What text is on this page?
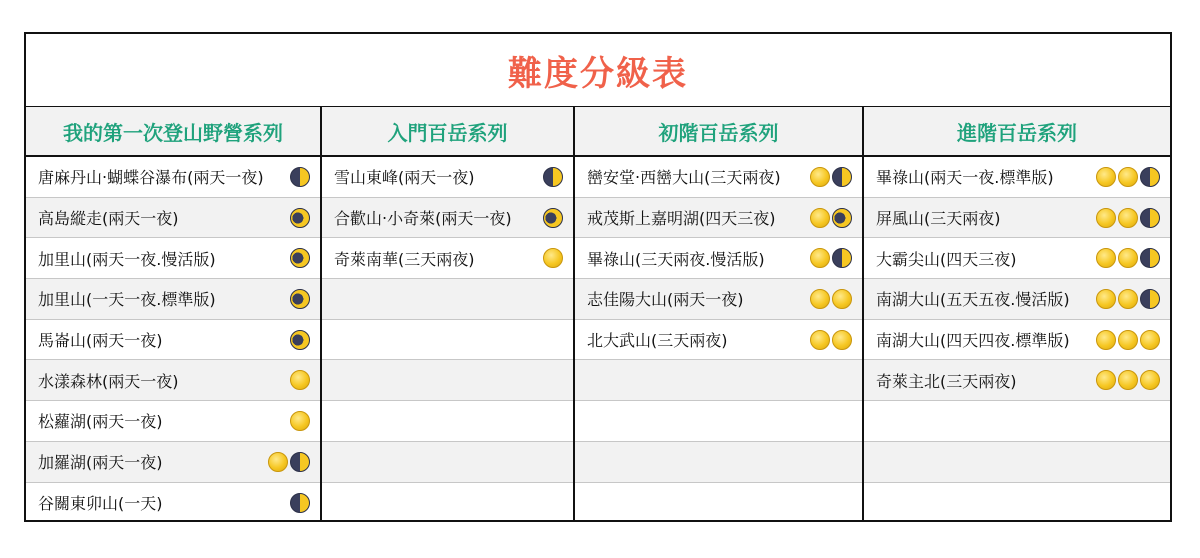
難度分級表
我的第一次登山野營系列
唐麻丹山‧蝴蝶谷瀑布(兩天一夜)
高島縱走(兩天一夜)
加里山(兩天一夜.慢活版)
加里山(一天一夜.標準版)
馬崙山(兩天一夜)
水漾森林(兩天一夜)
松蘿湖(兩天一夜)
加羅湖(兩天一夜)
谷關東卯山(一天)
入門百岳系列
雪山東峰(兩天一夜)
合歡山‧小奇萊(兩天一夜)
奇萊南華(三天兩夜)
初階百岳系列
巒安堂‧西巒大山(三天兩夜)
戒茂斯上嘉明湖(四天三夜)
畢祿山(三天兩夜.慢活版)
志佳陽大山(兩天一夜)
北大武山(三天兩夜)
進階百岳系列
畢祿山(兩天一夜.標準版)
屏風山(三天兩夜)
大霸尖山(四天三夜)
南湖大山(五天五夜.慢活版)
南湖大山(四天四夜.標準版)
奇萊主北(三天兩夜)
